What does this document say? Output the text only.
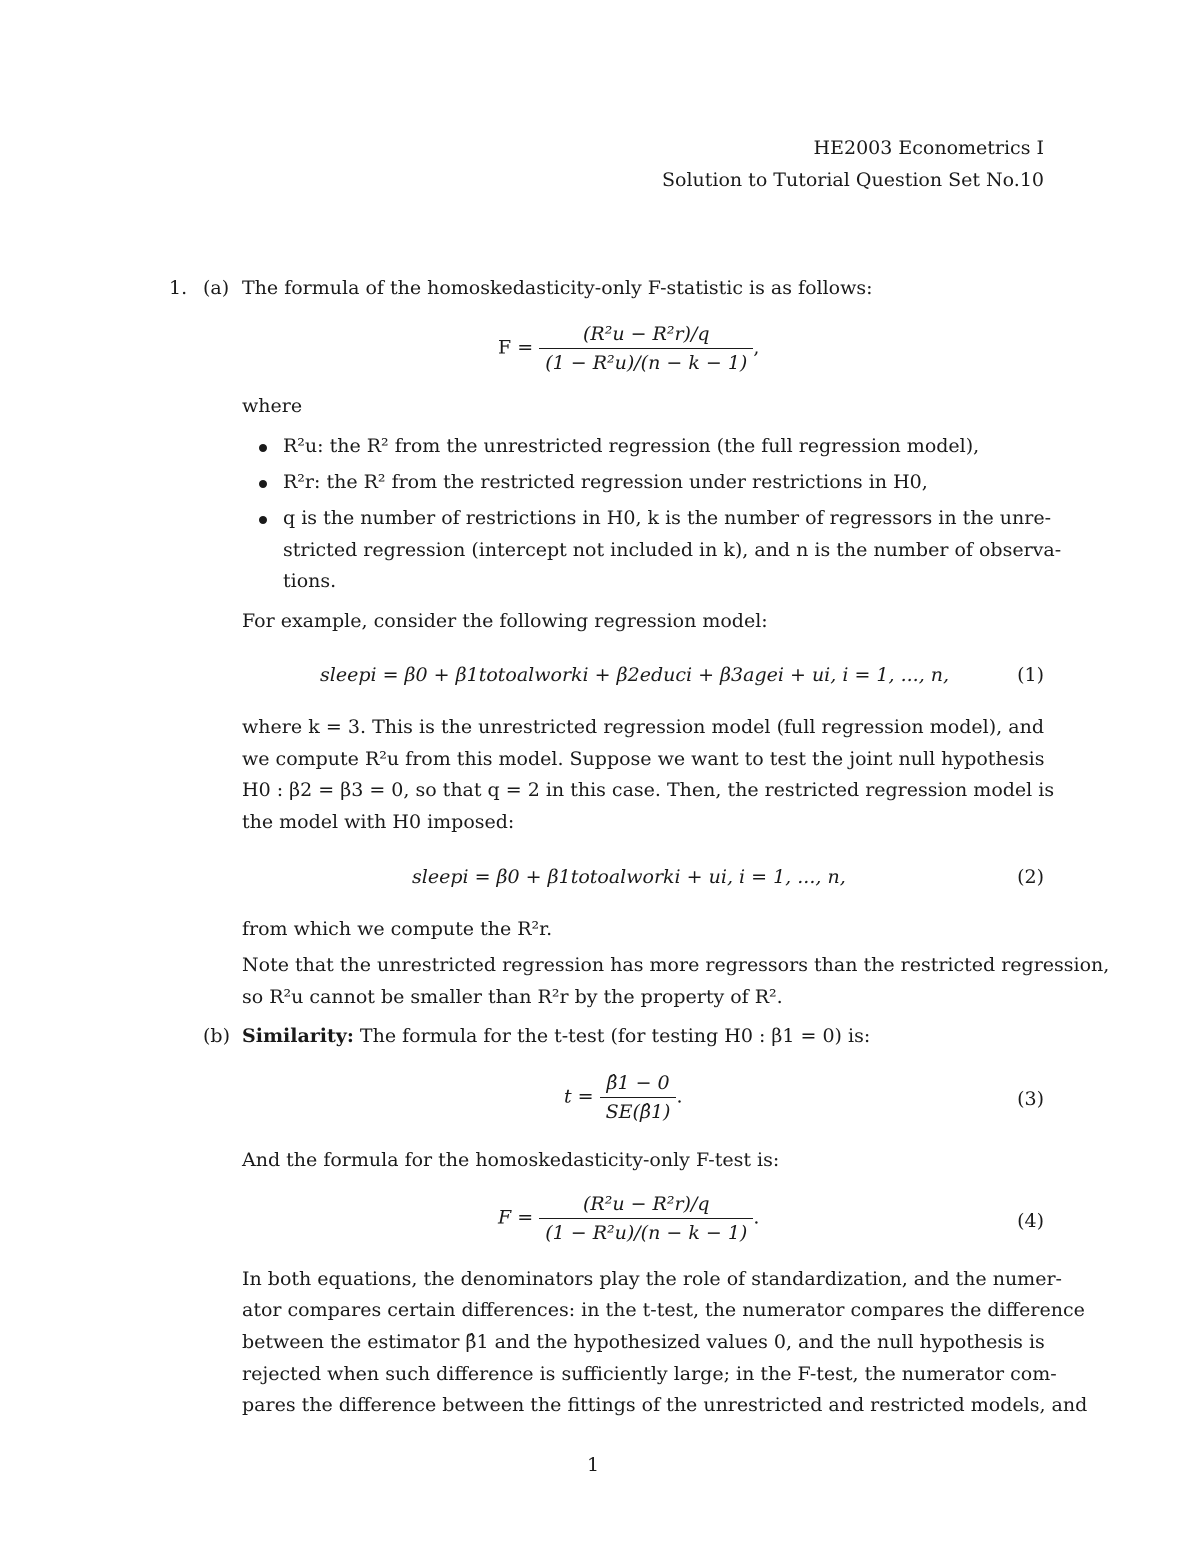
HE2003 Econometrics I
Solution to Tutorial Question Set No.10
1. (a) The formula of the homoskedasticity-only F-statistic is as follows:
$F = \frac{\text{(R²u − R²r)/q}}{\text{(1 − R²u)/(n − k − 1)}}$ ,
where
R²u: the R² from the unrestricted regression (the full regression model),
R²r: the R² from the restricted regression under restrictions in H0,
q is the number of restrictions in H0, k is the number of regressors in the unre-
stricted regression (intercept not included in k), and n is the number of observa-
tions.
For example, consider the following regression model:
sleepi = β0 + β1totoalworki + β2educi + β3agei + ui, i = 1, ..., n,	(1)
where k = 3. This is the unrestricted regression model (full regression model), and
we compute R²u from this model. Suppose we want to test the joint null hypothesis
H0 : β2 = β3 = 0, so that q = 2 in this case. Then, the restricted regression model is
the model with H0 imposed:
sleepi = β0 + β1totoalworki + ui, i = 1, ..., n,	(2)
from which we compute the R²r.
Note that the unrestricted regression has more regressors than the restricted regression,
so R²u cannot be smaller than R²r by the property of R².
(b) Similarity: The formula for the t-test (for testing H0 : β1 = 0) is:
$t = \frac{\betâ1 - 0}{SE(\betâ1)}$ .	(3)
And the formula for the homoskedasticity-only F-test is:
$F = \frac{\text{(R²u − R²r)/q}}{\text{(1 − R²u)/(n − k − 1)}}$ .	(4)
In both equations, the denominators play the role of standardization, and the numer-
ator compares certain differences: in the t-test, the numerator compares the difference
between the estimator β̂1 and the hypothesized values 0, and the null hypothesis is
rejected when such difference is sufficiently large; in the F-test, the numerator com-
pares the difference between the fittings of the unrestricted and restricted models, and
1
